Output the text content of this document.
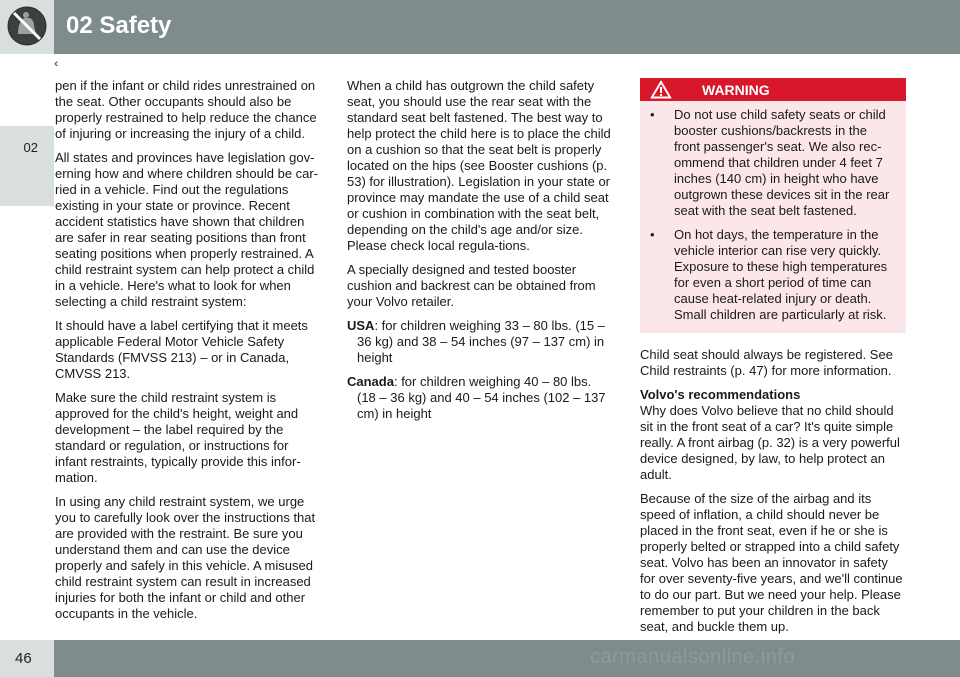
02 Safety
‹‹
02

pen if the infant or child rides unrestrained on the seat. Other occupants should also be properly restrained to help reduce the chance of injuring or increasing the injury of a child.

All states and provinces have legislation gov-erning how and where children should be car-ried in a vehicle. Find out the regulations existing in your state or province. Recent accident statistics have shown that children are safer in rear seating positions than front seating positions when properly restrained. A child restraint system can help protect a child in a vehicle. Here's what to look for when selecting a child restraint system:

It should have a label certifying that it meets applicable Federal Motor Vehicle Safety Standards (FMVSS 213) – or in Canada, CMVSS 213.

Make sure the child restraint system is approved for the child's height, weight and development – the label required by the standard or regulation, or instructions for infant restraints, typically provide this infor-mation.

In using any child restraint system, we urge you to carefully look over the instructions that are provided with the restraint. Be sure you understand them and can use the device properly and safely in this vehicle. A misused child restraint system can result in increased injuries for both the infant or child and other occupants in the vehicle.

When a child has outgrown the child safety seat, you should use the rear seat with the standard seat belt fastened. The best way to help protect the child here is to place the child on a cushion so that the seat belt is properly located on the hips (see Booster cushions (p. 53) for illustration). Legislation in your state or province may mandate the use of a child seat or cushion in combination with the seat belt, depending on the child's age and/or size. Please check local regula-tions.

A specially designed and tested booster cushion and backrest can be obtained from your Volvo retailer.

USA: for children weighing 33 – 80 lbs. (15 – 36 kg) and 38 – 54 inches (97 – 137 cm) in height

Canada: for children weighing 40 – 80 lbs. (18 – 36 kg) and 40 – 54 inches (102 – 137 cm) in height

WARNING
•	Do not use child safety seats or child booster cushions/backrests in the front passenger's seat. We also rec-ommend that children under 4 feet 7 inches (140 cm) in height who have outgrown these devices sit in the rear seat with the seat belt fastened.
•	On hot days, the temperature in the vehicle interior can rise very quickly. Exposure to these high temperatures for even a short period of time can cause heat-related injury or death. Small children are particularly at risk.

Child seat should always be registered. See Child restraints (p. 47) for more information.

Volvo's recommendations

Why does Volvo believe that no child should sit in the front seat of a car? It's quite simple really. A front airbag (p. 32) is a very powerful device designed, by law, to help protect an adult.

Because of the size of the airbag and its speed of inflation, a child should never be placed in the front seat, even if he or she is properly belted or strapped into a child safety seat. Volvo has been an innovator in safety for over seventy-five years, and we'll continue to do our part. But we need your help. Please remember to put your children in the back seat, and buckle them up.

46	carmanualsonline.info
